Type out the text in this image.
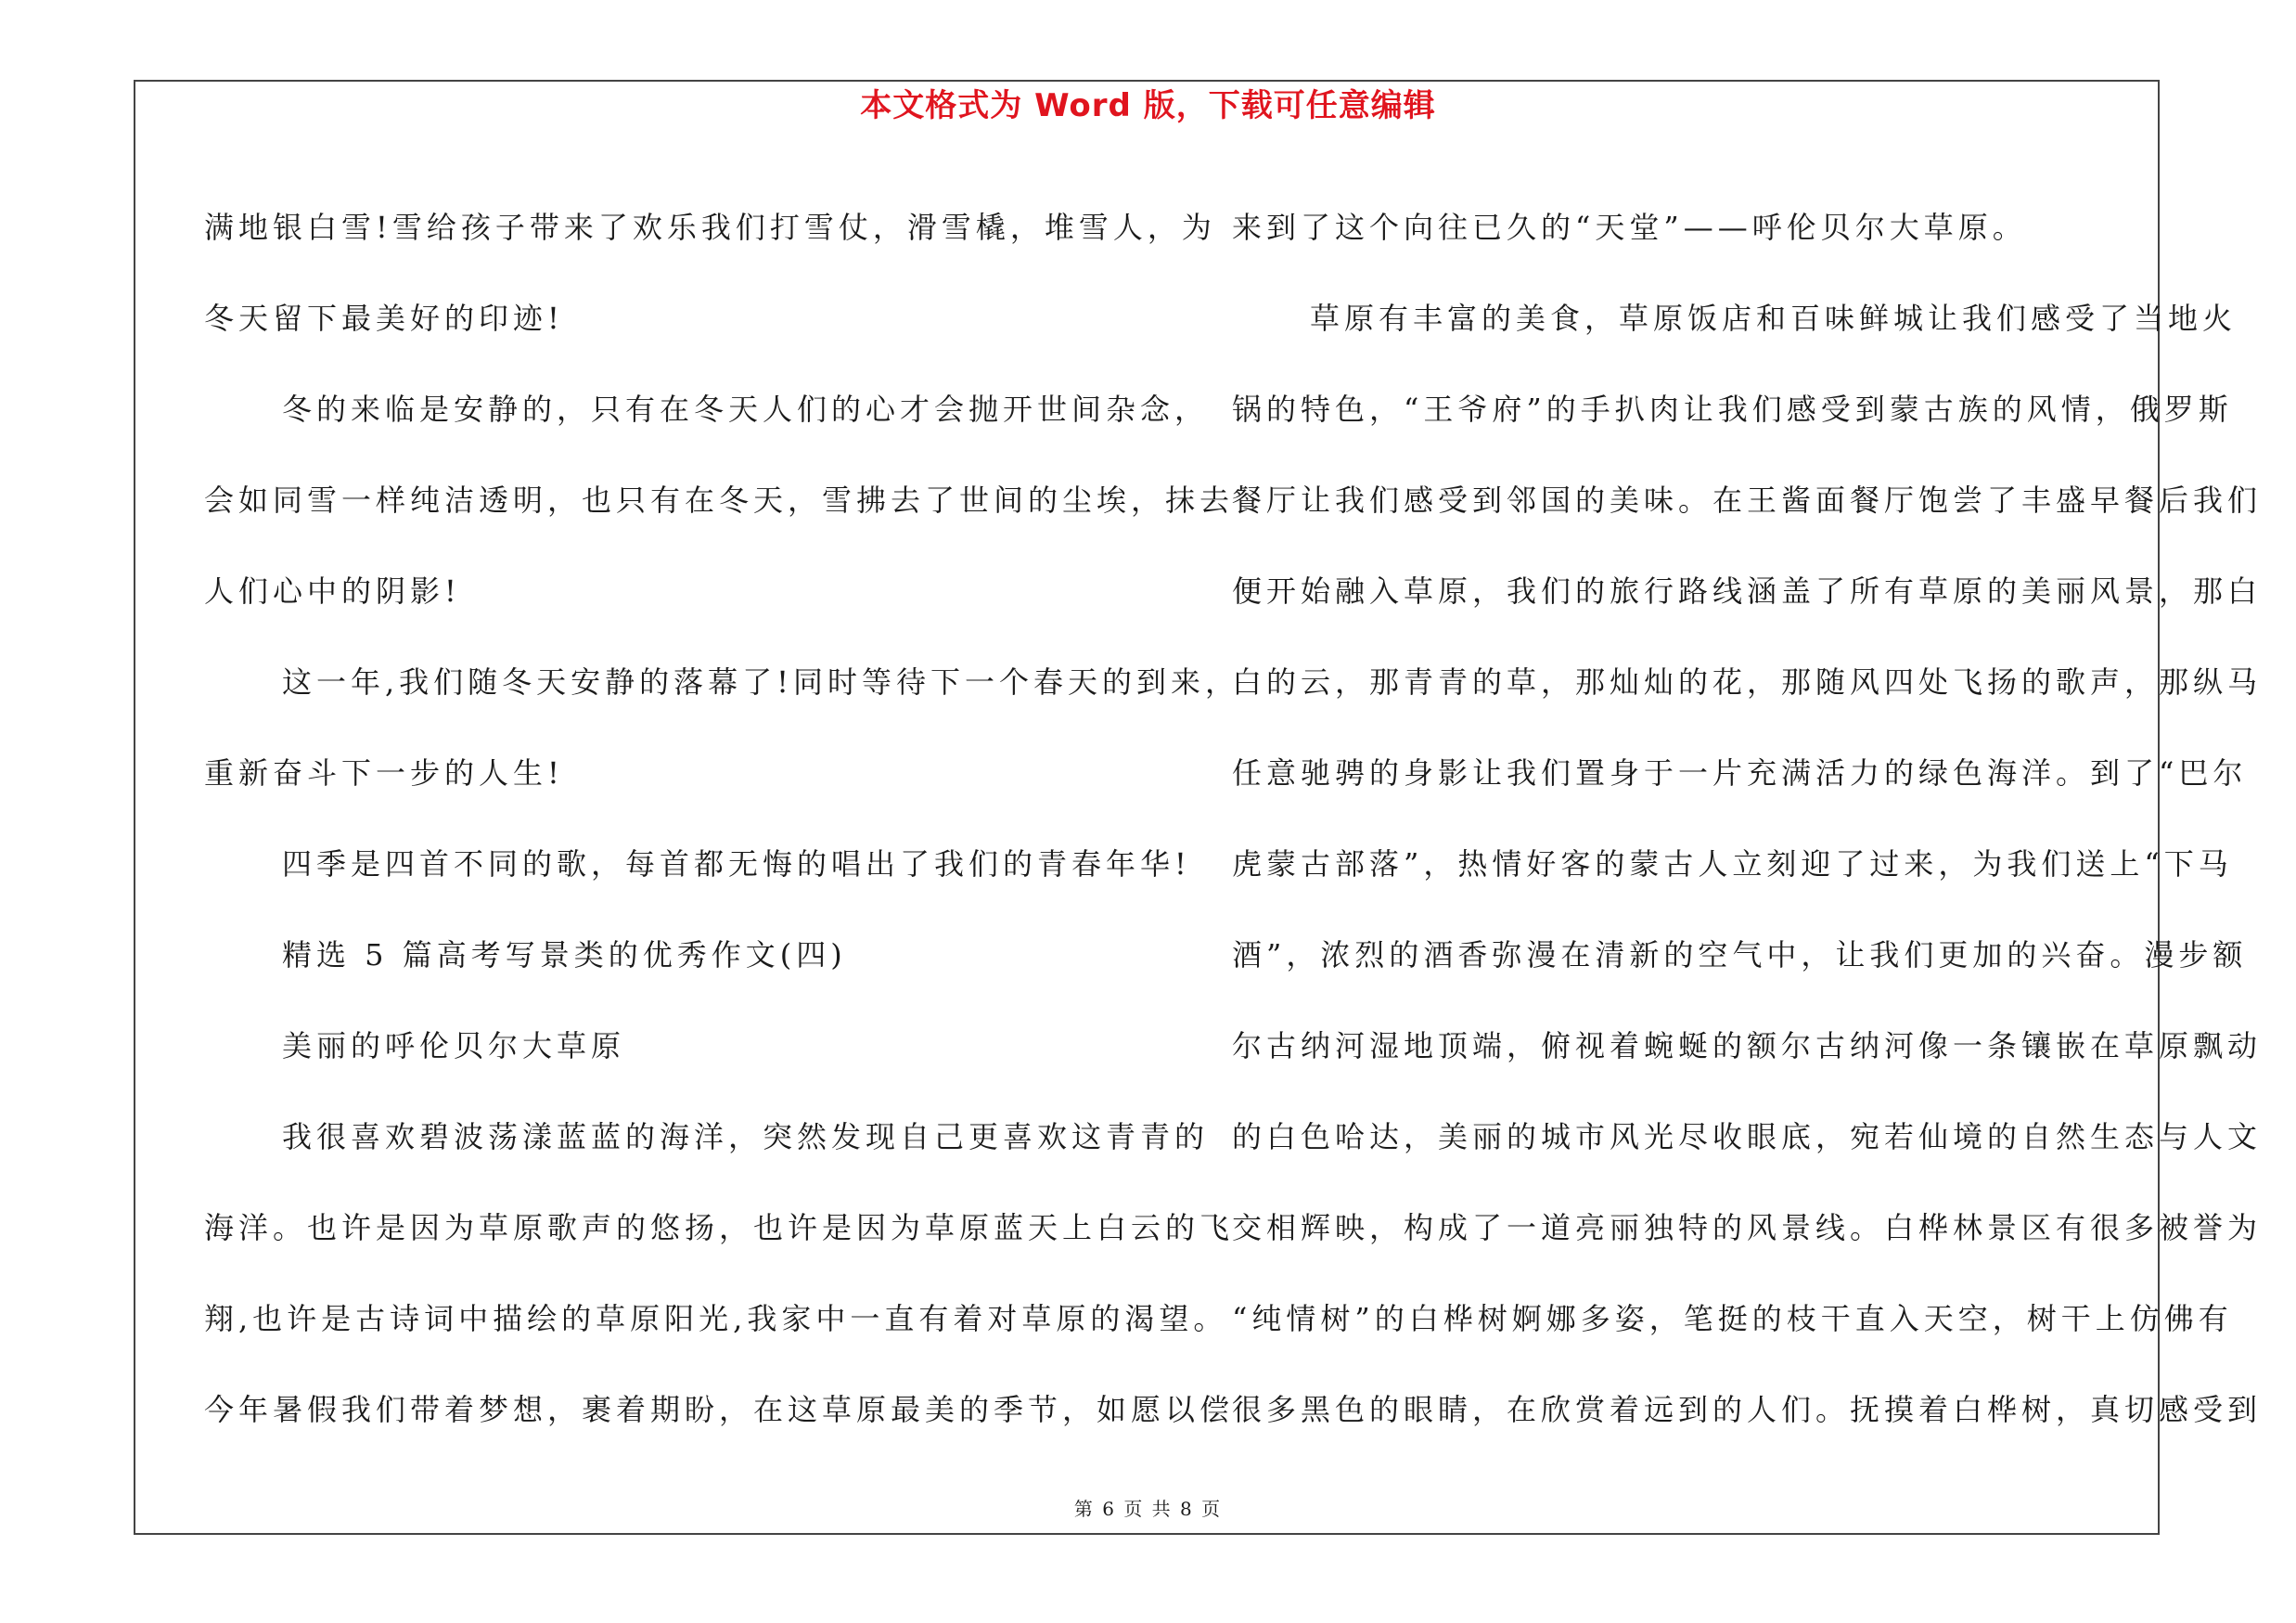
本文格式为 Word 版，下载可任意编辑
满地银白雪!雪给孩子带来了欢乐我们打雪仗，滑雪橇，堆雪人，为
冬天留下最美好的印迹!
冬的来临是安静的，只有在冬天人们的心才会抛开世间杂念，
会如同雪一样纯洁透明，也只有在冬天，雪拂去了世间的尘埃，抹去
人们心中的阴影!
这一年,我们随冬天安静的落幕了!同时等待下一个春天的到来，
重新奋斗下一步的人生!
四季是四首不同的歌，每首都无悔的唱出了我们的青春年华!
精选 5 篇高考写景类的优秀作文(四)
美丽的呼伦贝尔大草原
我很喜欢碧波荡漾蓝蓝的海洋，突然发现自己更喜欢这青青的
海洋。也许是因为草原歌声的悠扬，也许是因为草原蓝天上白云的飞
翔,也许是古诗词中描绘的草原阳光,我家中一直有着对草原的渴望。
今年暑假我们带着梦想，裹着期盼，在这草原最美的季节，如愿以偿
来到了这个向往已久的“天堂”——呼伦贝尔大草原。
草原有丰富的美食，草原饭店和百味鲜城让我们感受了当地火
锅的特色，“王爷府”的手扒肉让我们感受到蒙古族的风情，俄罗斯
餐厅让我们感受到邻国的美味。在王酱面餐厅饱尝了丰盛早餐后我们
便开始融入草原，我们的旅行路线涵盖了所有草原的美丽风景，那白
白的云，那青青的草，那灿灿的花，那随风四处飞扬的歌声，那纵马
任意驰骋的身影让我们置身于一片充满活力的绿色海洋。到了“巴尔
虎蒙古部落”，热情好客的蒙古人立刻迎了过来，为我们送上“下马
酒”，浓烈的酒香弥漫在清新的空气中，让我们更加的兴奋。漫步额
尔古纳河湿地顶端，俯视着蜿蜒的额尔古纳河像一条镶嵌在草原飘动
的白色哈达，美丽的城市风光尽收眼底，宛若仙境的自然生态与人文
交相辉映，构成了一道亮丽独特的风景线。白桦林景区有很多被誉为
“纯情树”的白桦树婀娜多姿，笔挺的枝干直入天空，树干上仿佛有
很多黑色的眼睛，在欣赏着远到的人们。抚摸着白桦树，真切感受到
第 6 页 共 8 页
